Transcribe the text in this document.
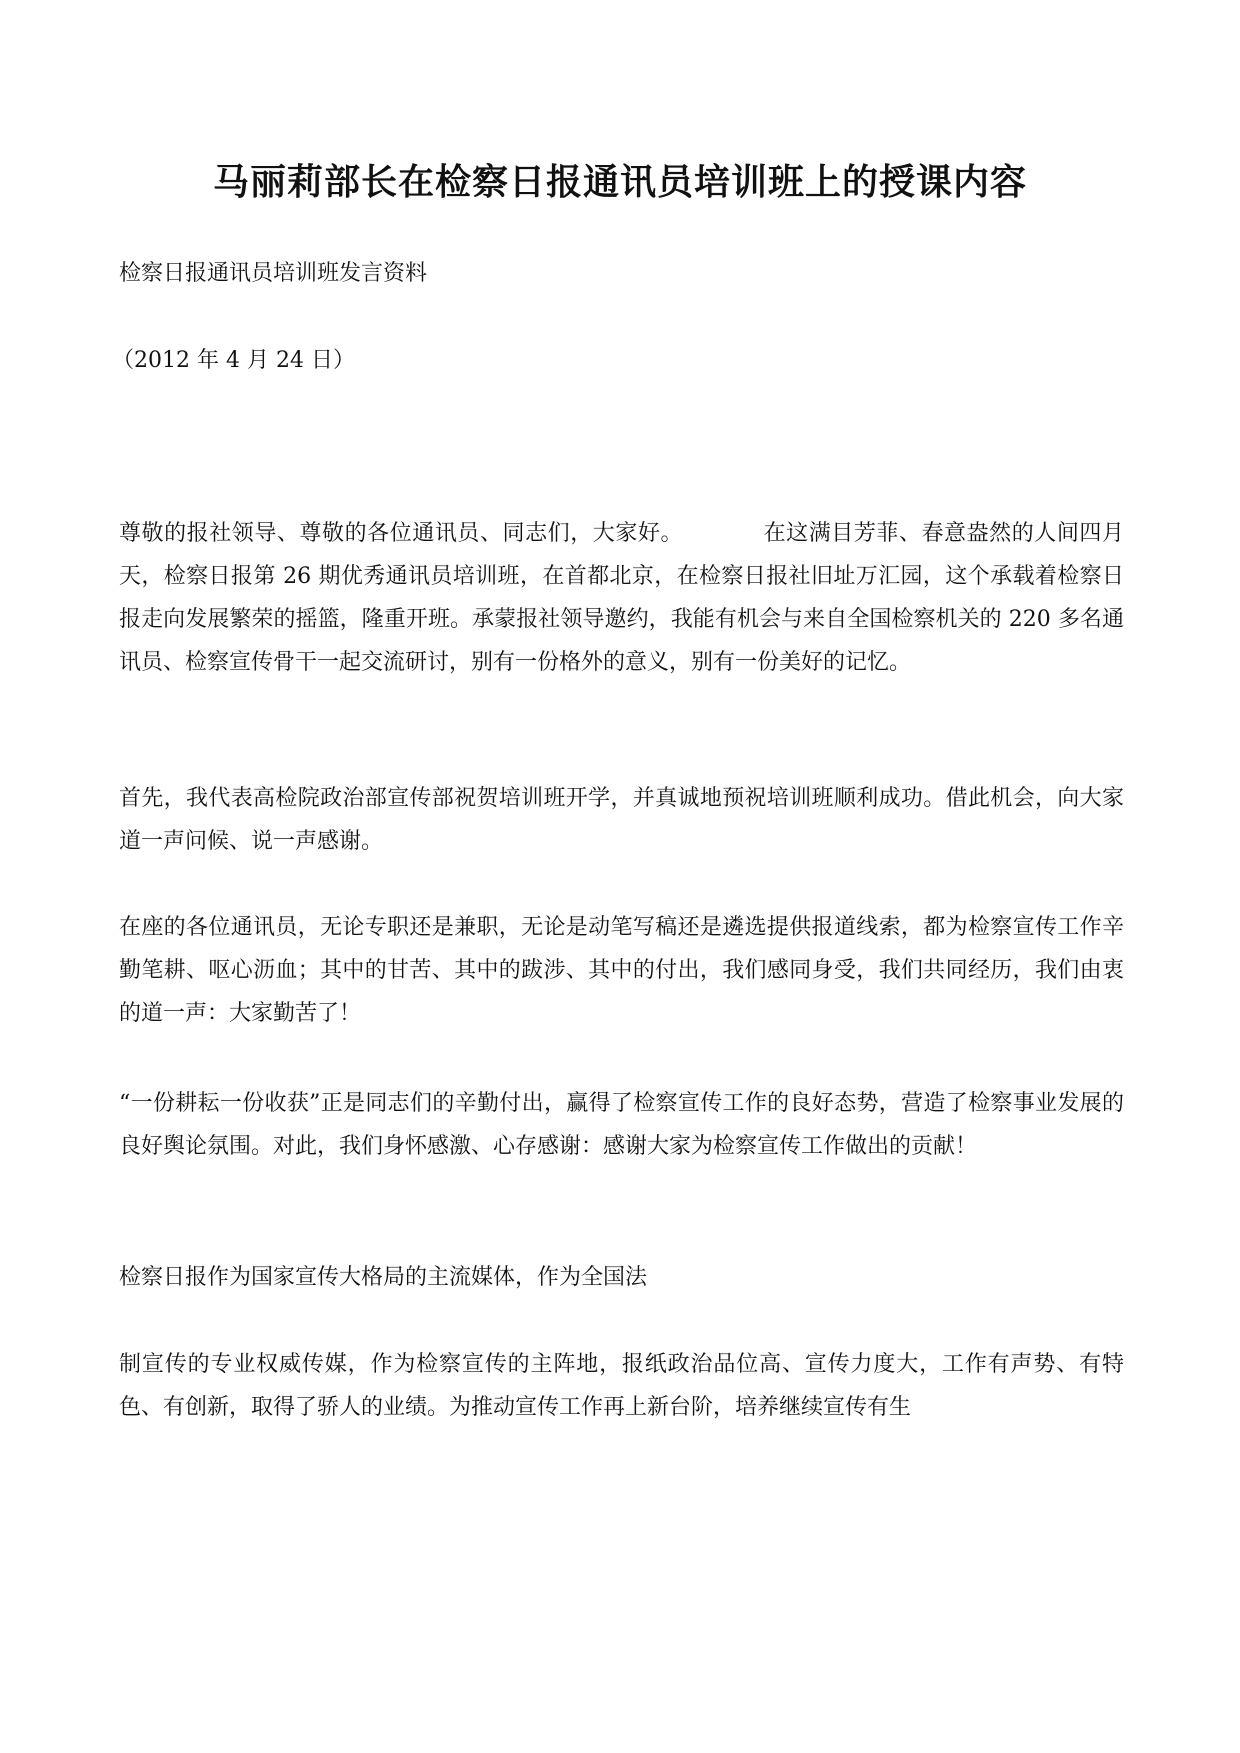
马丽莉部长在检察日报通讯员培训班上的授课内容

检察日报通讯员培训班发言资料

（2012 年 4 月 24 日）

尊敬的报社领导、尊敬的各位通讯员、同志们，大家好。	在这满目芳菲、春意盎然的人间四月天，检察日报第 26 期优秀通讯员培训班，在首都北京，在检察日报社旧址万汇园，这个承载着检察日报走向发展繁荣的摇篮，隆重开班。承蒙报社领导邀约，我能有机会与来自全国检察机关的 220 多名通讯员、检察宣传骨干一起交流研讨，别有一份格外的意义，别有一份美好的记忆。

首先，我代表高检院政治部宣传部祝贺培训班开学，并真诚地预祝培训班顺利成功。借此机会，向大家道一声问候、说一声感谢。

在座的各位通讯员，无论专职还是兼职，无论是动笔写稿还是遴选提供报道线索，都为检察宣传工作辛勤笔耕、呕心沥血；其中的甘苦、其中的跋涉、其中的付出，我们感同身受，我们共同经历，我们由衷的道一声：大家勤苦了！

“一份耕耘一份收获”正是同志们的辛勤付出，赢得了检察宣传工作的良好态势，营造了检察事业发展的良好舆论氛围。对此，我们身怀感激、心存感谢：感谢大家为检察宣传工作做出的贡献！

检察日报作为国家宣传大格局的主流媒体，作为全国法

制宣传的专业权威传媒，作为检察宣传的主阵地，报纸政治品位高、宣传力度大，工作有声势、有特色、有创新，取得了骄人的业绩。为推动宣传工作再上新台阶，培养继续宣传有生
